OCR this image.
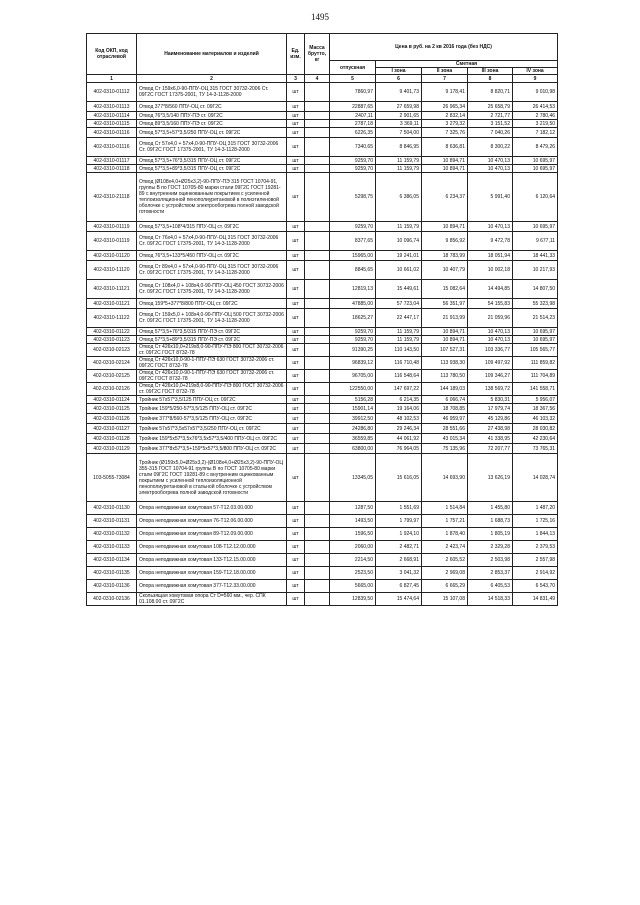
1495
Код ОКП, код отраслевой	Наименование материалов и изделий	Ед. изм.	Масса брутто, кг	Цена в руб. на 2 кв 2016 года (без НДС)				
				отпускная	Сметная			
					I зона	II зона	III зона	IV зона
1	2	3	4	5	6	7	8	9
402-0310-01112	Отвод Ст 159х6,0-90-ППУ-ОЦ 315 ГОСТ 30732-2006 Ст. 09Г2С ГОСТ 17375-2001, ТУ 14-3-1128-2000	шт		7860,97	9 401,73	9 178,41	8 820,71	9 010,98
402-0310-01113	Отвод 377*8/560 ППУ-ОЦ ст. 09Г2С	шт		22887,65	27 659,98	26 965,34	25 658,79	26 414,53
402-0310-01114	Отвод 76*3,5/140 ППУ-ПЭ ст. 09Г2С	шт		2407,11	2 901,65	2 832,14	2 721,77	2 780,46
402-0310-01115	Отвод 89*3,5/160 ППУ-ПЭ ст. 09Г2С	шт		2787,18	3 369,11	3 279,32	3 151,52	3 219,50
402-0310-01116	Отвод 57*3,5+57*3,5/250 ППУ-ОЦ ст. 09Г2С	шт		6226,35	7 504,00	7 325,76	7 040,26	7 182,12
402-0310-01116	Отвод Ст 57х4,0 + 57х4,0-90-ППУ-ОЦ 315 ГОСТ 30732-2006 Ст. 09Г2С ГОСТ 17375-2001, ТУ 14-3-1128-2000	шт		7340,65	8 846,95	8 636,81	8 300,22	8 479,26
402-0310-01117	Отвод 57*3,5+76*3,5/315 ППУ-ОЦ ст. 09Г2С	шт		9259,70	11 159,79	10 894,71	10 470,13	10 695,97
402-0310-01118	Отвод 57*3,5+89*3,5/315 ППУ-ОЦ ст. 09Г2С	шт		9259,70	11 159,79	10 894,71	10 470,13	10 695,97
402-0310-21118	Отвод (Ø108х4,0+Ø25х3,2)-90-ППУ-ПЭ 315 ГОСТ 10704-91, группы В по ГОСТ 10705-80 марки стали 09Г2С ГОСТ 19281-89 с внутренним оцинкованным покрытием с усиленной теплоизоляционной пенополиуретановой в полиэтиленовой оболочке с устройством электрообогрева полной заводской готовности	шт		5298,75	6 386,05	6 234,37	5 991,40	6 120,64
402-0310-01119	Отвод 57*3,5+108*4/315 ППУ-ОЦ ст. 09Г2С	шт		9259,70	11 159,79	10 894,71	10 470,13	10 695,97
402-0310-01119	Отвод Ст 76х4,0 + 57х4,0-90-ППУ-ОЦ 315 ГОСТ 30732-2006 Ст. 09Г2С ГОСТ 17375-2001, ТУ 14-3-1128-2000	шт		8377,65	10 096,74	9 856,92	9 472,78	9 677,11
402-0310-01120	Отвод 76*3,5+133*5/450 ППУ-ОЦ ст. 09Г2С	шт		15965,00	19 241,01	18 783,99	18 051,94	18 441,33
402-0310-11120	Отвод Ст 89х4,0 + 57х4,0-90-ППУ-ОЦ 315 ГОСТ 30732-2006 Ст. 09Г2С ГОСТ 17375-2001, ТУ 14-3-1128-2000	шт		8845,65	10 661,02	10 407,79	10 002,18	10 217,93
402-0310-11121	Отвод Ст 108х4,0 + 108х4,0-90-ППУ-ОЦ 450 ГОСТ 30732-2006 Ст. 09Г2С ГОСТ 17375-2001, ТУ 14-3-1128-2000	шт		12819,13	15 449,61	15 082,64	14 494,85	14 807,50
402-0310-01121	Отвод 159*5+377*8/800 ППУ-ОЦ ст. 09Г2С	шт		47885,00	57 723,04	56 351,97	54 155,83	55 323,98
402-0310-11122	Отвод Ст 159х5,0 + 108х4,0-90-ППУ-ОЦ 500 ГОСТ 30732-2006 Ст. 09Г2С ГОСТ 17375-2001, ТУ 14-3-1128-2000	шт		18625,27	22 447,17	21 913,99	21 059,96	21 514,23
402-0310-01122	Отвод 57*3,5+76*3,5/315 ППУ-ПЭ ст. 09Г2С	шт		9259,70	11 159,79	10 894,71	10 470,13	10 695,97
402-0310-01123	Отвод 57*3,5+89*3,5/315 ППУ-ПЭ ст. 09Г2С	шт		9259,70	11 159,79	10 894,71	10 470,13	10 695,97
402-0310-02123	Отвод Ст 426х10,0+219х8,0-90-ППУ-ПЭ 800 ГОСТ 30732-2006 ст. 09Г2С ГОСТ 8732-78	шт		91390,25	110 143,50	107 527,31	103 336,77	105 565,77
402-0310-02124	Отвод Ст 426х10,0-90-1-ППУ-ПЭ 630 ГОСТ 30732-2006 ст. 09Г2С ГОСТ 8732-78	шт		96839,12	116 710,48	113 938,30	109 497,92	111 859,82
402-0310-02125	Отвод Ст 426х10,0-90-1-ППУ-ПЭ 630 ГОСТ 30732-2006 ст. 09Г2С ГОСТ 8732-78	шт		96705,00	116 548,64	113 780,50	109 346,27	111 704,89
402-0310-02126	Отвод Ст 426х10,0+219х8,0-90-ППУ-ПЭ 800 ГОСТ 30732-2006 ст. 09Г2С ГОСТ 8732-78	шт		122550,00	147 697,22	144 189,03	138 569,72	141 558,71
402-0310-01124	Тройник 57х57*3,5/125 ППУ-ОЦ ст. 09Г2С	шт		5156,28	6 214,35	6 066,74	5 830,31	5 956,07
402-0310-01125	Тройник 159*5/250-57*3,5/125 ППУ-ОЦ ст. 09Г2С	шт		15901,14	19 164,06	18 708,85	17 979,74	18 367,56
402-0310-01126	Тройник 377*8/560-57*3,5/125 ППУ-ОЦ ст. 09Г2С	шт		39912,50	48 102,53	46 959,97	45 129,86	46 103,32
402-0310-01127	Тройник 57х57*3,5х57х57*3,5/250 ППУ-ОЦ ст. 09Г2С	шт		24286,80	29 246,34	28 551,66	27 438,98	28 030,82
402-0310-01128	Тройник 159*5х57*3,5х76*3,5х57*3,5/400 ППУ-ОЦ ст. 09Г2С	шт		36559,85	44 061,92	43 015,34	41 338,95	42 230,64
402-0310-01129	Тройник 377*8х57*3,5+159*5х57*3,5/800 ППУ-ОЦ ст. 09Г2С	шт		63800,00	76 964,05	75 135,96	72 207,77	73 765,31
103-5055-73084	Тройник (Ø159х5,0+Ø25х3,2)-(Ø108х4,0+Ø25х3,2)-90-ППУ-ОЦ 355-315 ГОСТ 10704-91 группы В по ГОСТ 10705-80 марки стали 09Г2С ГОСТ 19281-89 с внутренним оцинкованным покрытием с усиленной теплоизоляционной пенополиуретановой в стальной оболочке с устройством электрообогрева полной заводской готовности	шт		13345,05	15 616,05	14 693,90	13 626,19	14 028,74
402-0310-01130	Опора неподвижная хомутовая 57-Т12.03.00.000	шт		1287,50	1 551,69	1 514,84	1 455,80	1 487,20
402-0310-01131	Опора неподвижная хомутовая 76-Т12.06.00.000	шт		1493,50	1 799,97	1 757,21	1 688,73	1 725,16
402-0310-01132	Опора неподвижная хомутовая 89-Т12.09.00.000	шт		1596,50	1 924,10	1 878,40	1 805,19	1 844,13
402-0310-01133	Опора неподвижная хомутовая 108-Т12.12.00.000	шт		2060,00	2 482,71	2 423,74	2 329,28	2 379,53
402-0310-01134	Опора неподвижная хомутовая 133-Т12.15.00.000	шт		2214,50	2 668,91	2 605,52	2 503,98	2 557,98
402-0310-01135	Опора неподвижная хомутовая 159-Т12.18.00.000	шт		2523,50	3 041,32	2 969,08	2 853,37	2 914,92
402-0310-01136	Опора неподвижная хомутовая 377-Т12.33.00.000	шт		5665,00	6 827,45	6 665,29	6 405,53	6 543,70
402-0310-02136	Скользящая хомутовая опора Ст D=560 мм., чер. СПК 01.108.00 ст. 09Г2С	шт		12839,50	15 474,64	15 107,08	14 518,33	14 831,49
